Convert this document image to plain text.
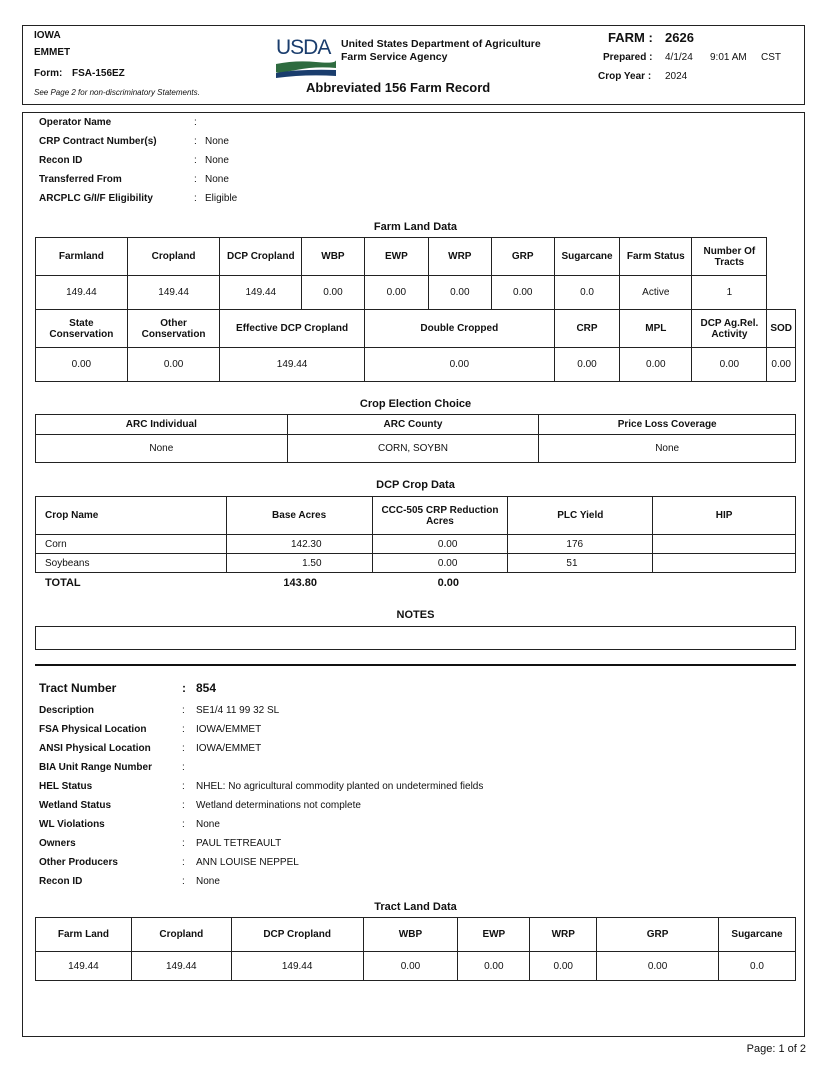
IOWA
EMMET
Form: FSA-156EZ
See Page 2 for non-discriminatory Statements.
USDA United States Department of Agriculture
Farm Service Agency
Abbreviated 156 Farm Record
FARM : 2626
Prepared : 4/1/24 9:01 AM CST
Crop Year : 2024
Operator Name	:
CRP Contract Number(s)	: None
Recon ID	: None
Transferred From	: None
ARCPLC G/I/F Eligibility	: Eligible
Farm Land Data
Farmland	Cropland	DCP Cropland	WBP	EWP	WRP	GRP	Sugarcane	Farm Status	Number Of Tracts	
149.44	149.44	149.44	0.00	0.00	0.00	0.00	0.0	Active	1	
State Conservation	Other Conservation	Effective DCP Cropland		Double Cropped			CRP	MPL	DCP Ag.Rel. Activity	SOD
0.00	0.00	149.44		0.00			0.00	0.00	0.00	0.00
Crop Election Choice
ARC Individual	ARC County	Price Loss Coverage
None	CORN, SOYBN	None
DCP Crop Data
Crop Name	Base Acres	CCC-505 CRP Reduction Acres	PLC Yield	HIP
Corn	142.30	0.00	176	
Soybeans	1.50	0.00	51	
TOTAL	143.80	0.00
NOTES
Tract Number	: 854
Description	: SE1/4 11 99 32 SL
FSA Physical Location	: IOWA/EMMET
ANSI Physical Location	: IOWA/EMMET
BIA Unit Range Number	:
HEL Status	: NHEL: No agricultural commodity planted on undetermined fields
Wetland Status	: Wetland determinations not complete
WL Violations	: None
Owners	: PAUL TETREAULT
Other Producers	: ANN LOUISE NEPPEL
Recon ID	: None
Tract Land Data
Farm Land	Cropland	DCP Cropland	WBP	EWP	WRP	GRP	Sugarcane
149.44	149.44	149.44	0.00	0.00	0.00	0.00	0.0
Page: 1 of 2
